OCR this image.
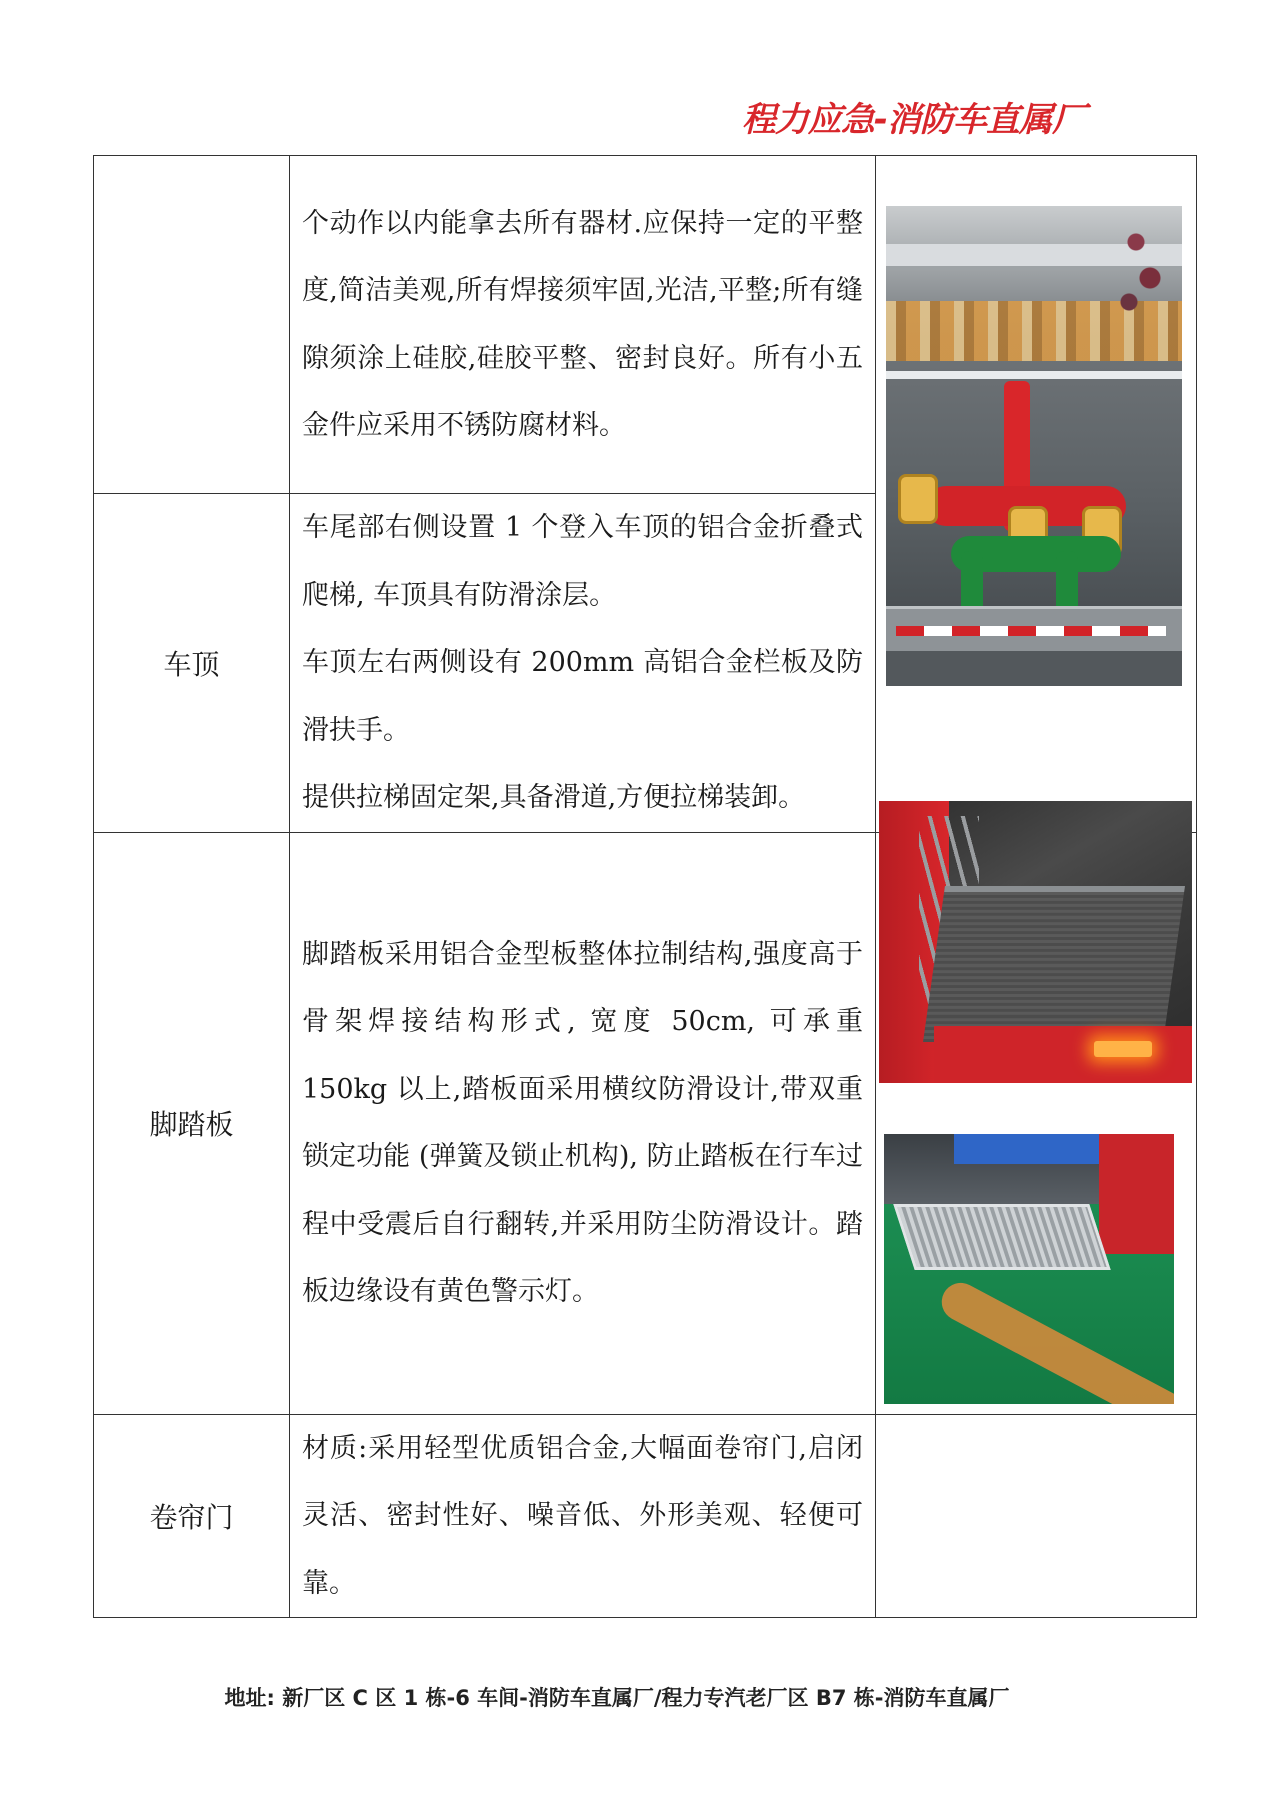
程力应急-消防车直属厂

	个动作以内能拿去所有器材.应保持一定的平整度,简洁美观,所有焊接须牢固,光洁,平整;所有缝隙须涂上硅胶,硅胶平整、密封良好。所有小五金件应采用不锈防腐材料。	

车顶	车尾部右侧设置 1 个登入车顶的铝合金折叠式爬梯, 车顶具有防滑涂层。

车顶左右两侧设有 200mm 高铝合金栏板及防滑扶手。

提供拉梯固定架,具备滑道,方便拉梯装卸。	

脚踏板	脚踏板采用铝合金型板整体拉制结构,强度高于骨架焊接结构形式, 宽度 50cm, 可承重 150kg 以上,踏板面采用横纹防滑设计,带双重锁定功能 (弹簧及锁止机构), 防止踏板在行车过程中受震后自行翻转,并采用防尘防滑设计。踏板边缘设有黄色警示灯。	

卷帘门	材质:采用轻型优质铝合金,大幅面卷帘门,启闭灵活、密封性好、噪音低、外形美观、轻便可靠。	

地址: 新厂区 C 区 1 栋-6 车间-消防车直属厂/程力专汽老厂区 B7 栋-消防车直属厂
